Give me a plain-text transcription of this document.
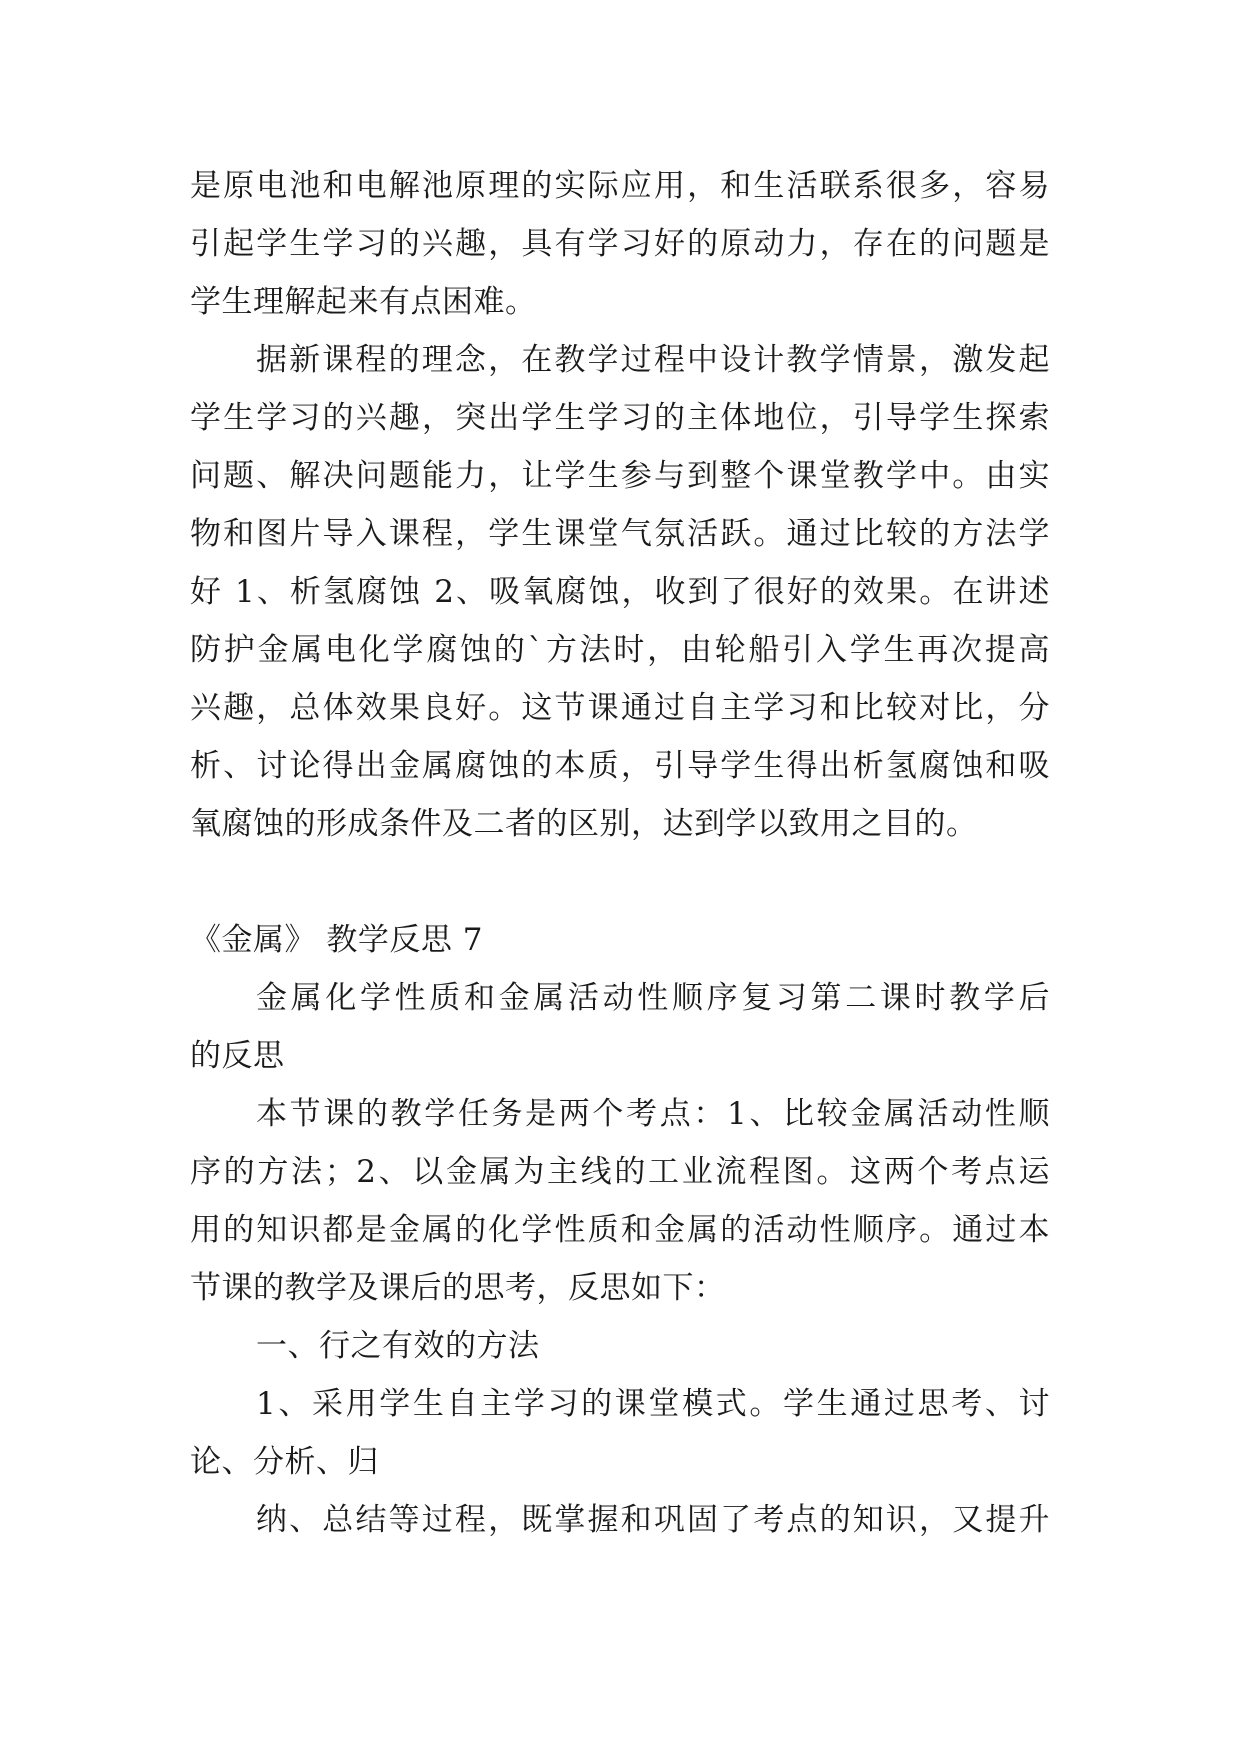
是原电池和电解池原理的实际应用，和生活联系很多，容易
引起学生学习的兴趣，具有学习好的原动力，存在的问题是
学生理解起来有点困难。
据新课程的理念，在教学过程中设计教学情景，激发起
学生学习的兴趣，突出学生学习的主体地位，引导学生探索
问题、解决问题能力，让学生参与到整个课堂教学中。由实
物和图片导入课程，学生课堂气氛活跃。通过比较的方法学
好 1、析氢腐蚀 2、吸氧腐蚀，收到了很好的效果。在讲述
防护金属电化学腐蚀的`方法时，由轮船引入学生再次提高
兴趣，总体效果良好。这节课通过自主学习和比较对比，分
析、讨论得出金属腐蚀的本质，引导学生得出析氢腐蚀和吸
氧腐蚀的形成条件及二者的区别，达到学以致用之目的。
《金属》 教学反思 7
金属化学性质和金属活动性顺序复习第二课时教学后
的反思
本节课的教学任务是两个考点：1、比较金属活动性顺
序的方法；2、以金属为主线的工业流程图。这两个考点运
用的知识都是金属的化学性质和金属的活动性顺序。通过本
节课的教学及课后的思考，反思如下：
一、行之有效的方法
1、采用学生自主学习的课堂模式。学生通过思考、讨
论、分析、归
纳、总结等过程，既掌握和巩固了考点的知识，又提升
